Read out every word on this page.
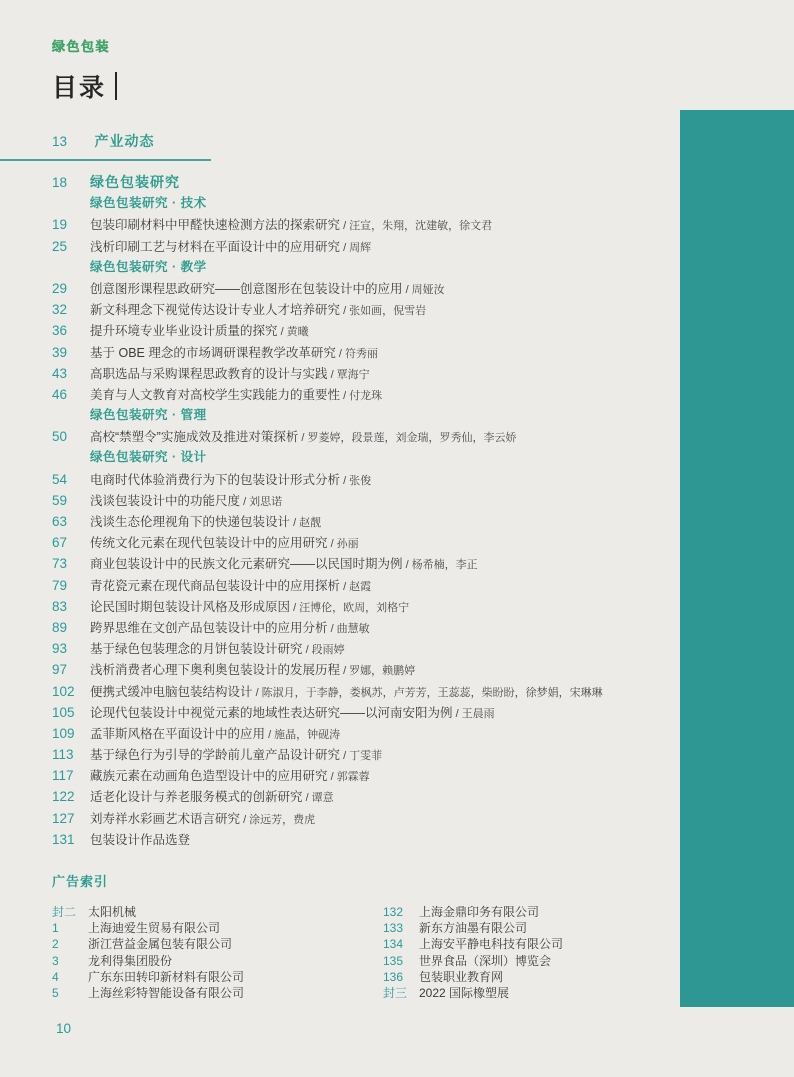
绿色包装
目录
13 产业动态
18	绿色包装研究
绿色包装研究 · 技术
19	包装印刷材料中甲醛快速检测方法的探索研究 / 汪宣，朱翔，沈建敏，徐文君
25	浅析印刷工艺与材料在平面设计中的应用研究 / 周辉
绿色包装研究 · 教学
29	创意图形课程思政研究——创意图形在包装设计中的应用 / 周娅汝
32	新文科理念下视觉传达设计专业人才培养研究 / 张如画，倪雪岩
36	提升环境专业毕业设计质量的探究 / 黄曦
39	基于 OBE 理念的市场调研课程教学改革研究 / 符秀丽
43	高职选品与采购课程思政教育的设计与实践 / 覃海宁
46	美育与人文教育对高校学生实践能力的重要性 / 付龙珠
绿色包装研究 · 管理
50	高校“禁塑令”实施成效及推进对策探析 / 罗菱婷，段景莲，刘金瑞，罗秀仙，李云娇
绿色包装研究 · 设计
54	电商时代体验消费行为下的包装设计形式分析 / 张俊
59	浅谈包装设计中的功能尺度 / 刘思诺
63	浅谈生态伦理视角下的快递包装设计 / 赵靓
67	传统文化元素在现代包装设计中的应用研究 / 孙丽
73	商业包装设计中的民族文化元素研究——以民国时期为例 / 杨希楠，李正
79	青花瓷元素在现代商品包装设计中的应用探析 / 赵霞
83	论民国时期包装设计风格及形成原因 / 汪博伦，欧周，刘格宁
89	跨界思维在文创产品包装设计中的应用分析 / 曲慧敏
93	基于绿色包装理念的月饼包装设计研究 / 段雨婷
97	浅析消费者心理下奥利奥包装设计的发展历程 / 罗娜，赖鹏婷
102	便携式缓冲电脑包装结构设计 / 陈淑月，于李静，娄枫苏，卢芳芳，王蕊蕊，柴盼盼，徐梦娟，宋琳琳
105	论现代包装设计中视觉元素的地域性表达研究——以河南安阳为例 / 王晨雨
109	孟菲斯风格在平面设计中的应用 / 施晶，钟砚涛
113	基于绿色行为引导的学龄前儿童产品设计研究 / 丁雯菲
117	藏族元素在动画角色造型设计中的应用研究 / 郭霖蓉
122	适老化设计与养老服务模式的创新研究 / 谭意
127	刘寿祥水彩画艺术语言研究 / 涂远芳，费虎
131	包装设计作品选登
广告索引
封二 太阳机械
1	上海迪爱生贸易有限公司
2	浙江营益金属包装有限公司
3	龙利得集团股份
4	广东东田转印新材料有限公司
5	上海丝彩特智能设备有限公司
132	上海金鼎印务有限公司
133	新东方油墨有限公司
134	上海安平静电科技有限公司
135	世界食品（深圳）博览会
136	包装职业教育网
封三 2022 国际橡塑展
10
